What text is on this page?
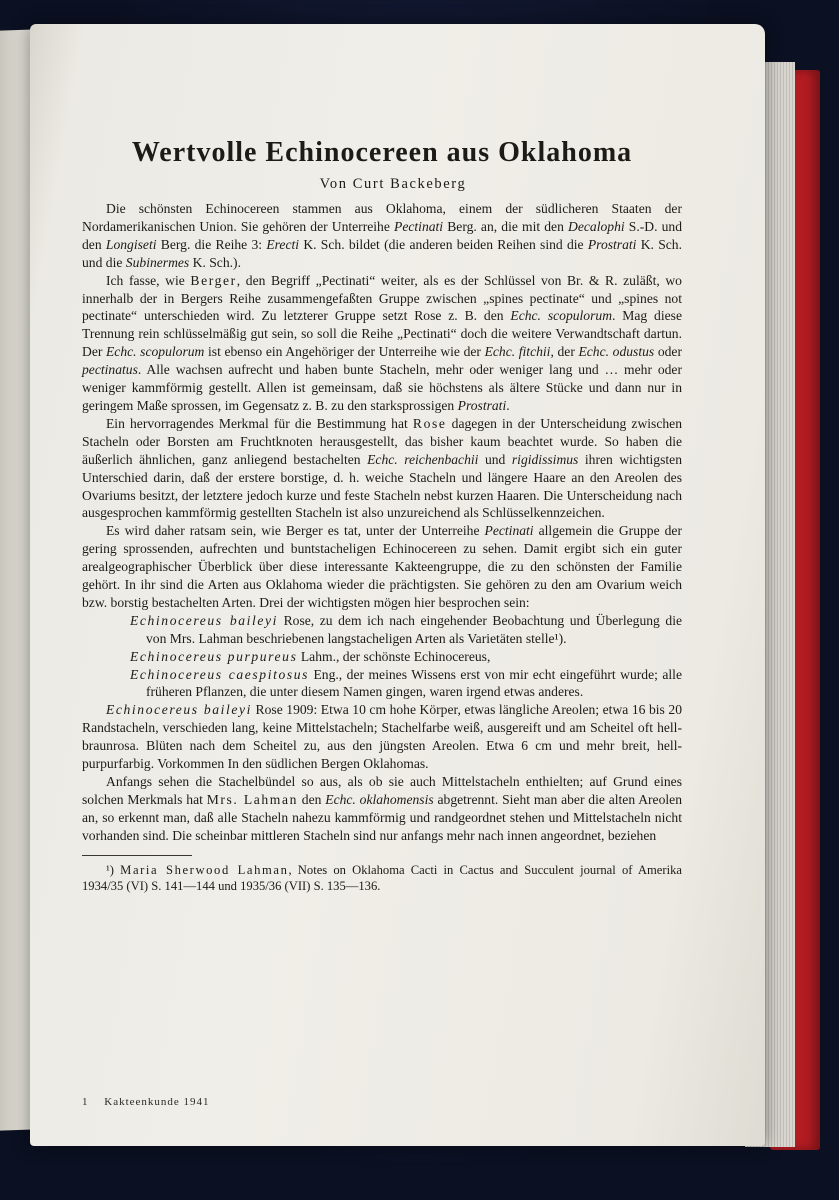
Wertvolle Echinocereen aus Oklahoma
Von Curt Backeberg

Die schönsten Echinocereen stammen aus Oklahoma, einem der südlicheren Staaten der Nordamerikanischen Union. Sie gehören der Unterreihe Pectinati Berg. an, die mit den Decalophi S.-D. und den Longiseti Berg. die Reihe 3: Erecti K. Sch. bildet (die anderen beiden Reihen sind die Prostrati K. Sch. und die Subinermes K. Sch.).

Ich fasse, wie Berger, den Begriff „Pectinati“ weiter, als es der Schlüssel von Br. & R. zuläßt, wo innerhalb der in Bergers Reihe zusammengefaßten Gruppe zwischen „spines pectinate“ und „spines not pectinate“ unterschieden wird. Zu letzterer Gruppe setzt Rose z. B. den Echc. scopulorum. Mag diese Trennung rein schlüsselmäßig gut sein, so soll die Reihe „Pectinati“ doch die weitere Verwandtschaft dartun. Der Echc. scopulorum ist ebenso ein Angehöriger der Unterreihe wie der Echc. fitchii, der Echc. odustus oder pectinatus. Alle wachsen aufrecht und haben bunte Stacheln, mehr oder weniger lang und … mehr oder weniger kammförmig gestellt. Allen ist gemeinsam, daß sie höchstens als ältere Stücke und dann nur in geringem Maße sprossen, im Gegensatz z. B. zu den starksprossigen Prostrati.

Ein hervorragendes Merkmal für die Bestimmung hat Rose dagegen in der Unterscheidung zwischen Stacheln oder Borsten am Fruchtknoten herausgestellt, das bisher kaum beachtet wurde. So haben die äußerlich ähnlichen, ganz anliegend bestachelten Echc. reichenbachii und rigidissimus ihren wichtigsten Unterschied darin, daß der erstere borstige, d. h. weiche Stacheln und längere Haare an den Areolen des Ovariums besitzt, der letztere jedoch kurze und feste Stacheln nebst kurzen Haaren. Die Unterscheidung nach ausgesprochen kammförmig gestellten Stacheln ist also unzureichend als Schlüsselkennzeichen.

Es wird daher ratsam sein, wie Berger es tat, unter der Unterreihe Pectinati allgemein die Gruppe der gering sprossenden, aufrechten und buntstacheligen Echinocereen zu sehen. Damit ergibt sich ein guter arealgeographischer Überblick über diese interessante Kakteengruppe, die zu den schönsten der Familie gehört. In ihr sind die Arten aus Oklahoma wieder die prächtigsten. Sie gehören zu den am Ovarium weich bzw. borstig bestachelten Arten. Drei der wichtigsten mögen hier besprochen sein:

Echinocereus baileyi Rose, zu dem ich nach eingehender Beobachtung und Überlegung die von Mrs. Lahman beschriebenen langstacheligen Arten als Varietäten stelle¹).

Echinocereus purpureus Lahm., der schönste Echinocereus,

Echinocereus caespitosus Eng., der meines Wissens erst von mir echt eingeführt wurde; alle früheren Pflanzen, die unter diesem Namen gingen, waren irgend etwas anderes.

Echinocereus baileyi Rose 1909: Etwa 10 cm hohe Körper, etwas längliche Areolen; etwa 16 bis 20 Randstacheln, verschieden lang, keine Mittelstacheln; Stachelfarbe weiß, ausgereift und am Scheitel oft hell-braunrosa. Blüten nach dem Scheitel zu, aus den jüngsten Areolen. Etwa 6 cm und mehr breit, hell-purpurfarbig. Vorkommen In den südlichen Bergen Oklahomas.

Anfangs sehen die Stachelbündel so aus, als ob sie auch Mittelstacheln enthielten; auf Grund eines solchen Merkmals hat Mrs. Lahman den Echc. oklahomensis abgetrennt. Sieht man aber die alten Areolen an, so erkennt man, daß alle Stacheln nahezu kammförmig und randgeordnet stehen und Mittelstacheln nicht vorhanden sind. Die scheinbar mittleren Stacheln sind nur anfangs mehr nach innen angeordnet, beziehen

¹) Maria Sherwood Lahman, Notes on Oklahoma Cacti in Cactus and Succulent journal of Amerika 1934/35 (VI) S. 141—144 und 1935/36 (VII) S. 135—136.

1 Kakteenkunde 1941
